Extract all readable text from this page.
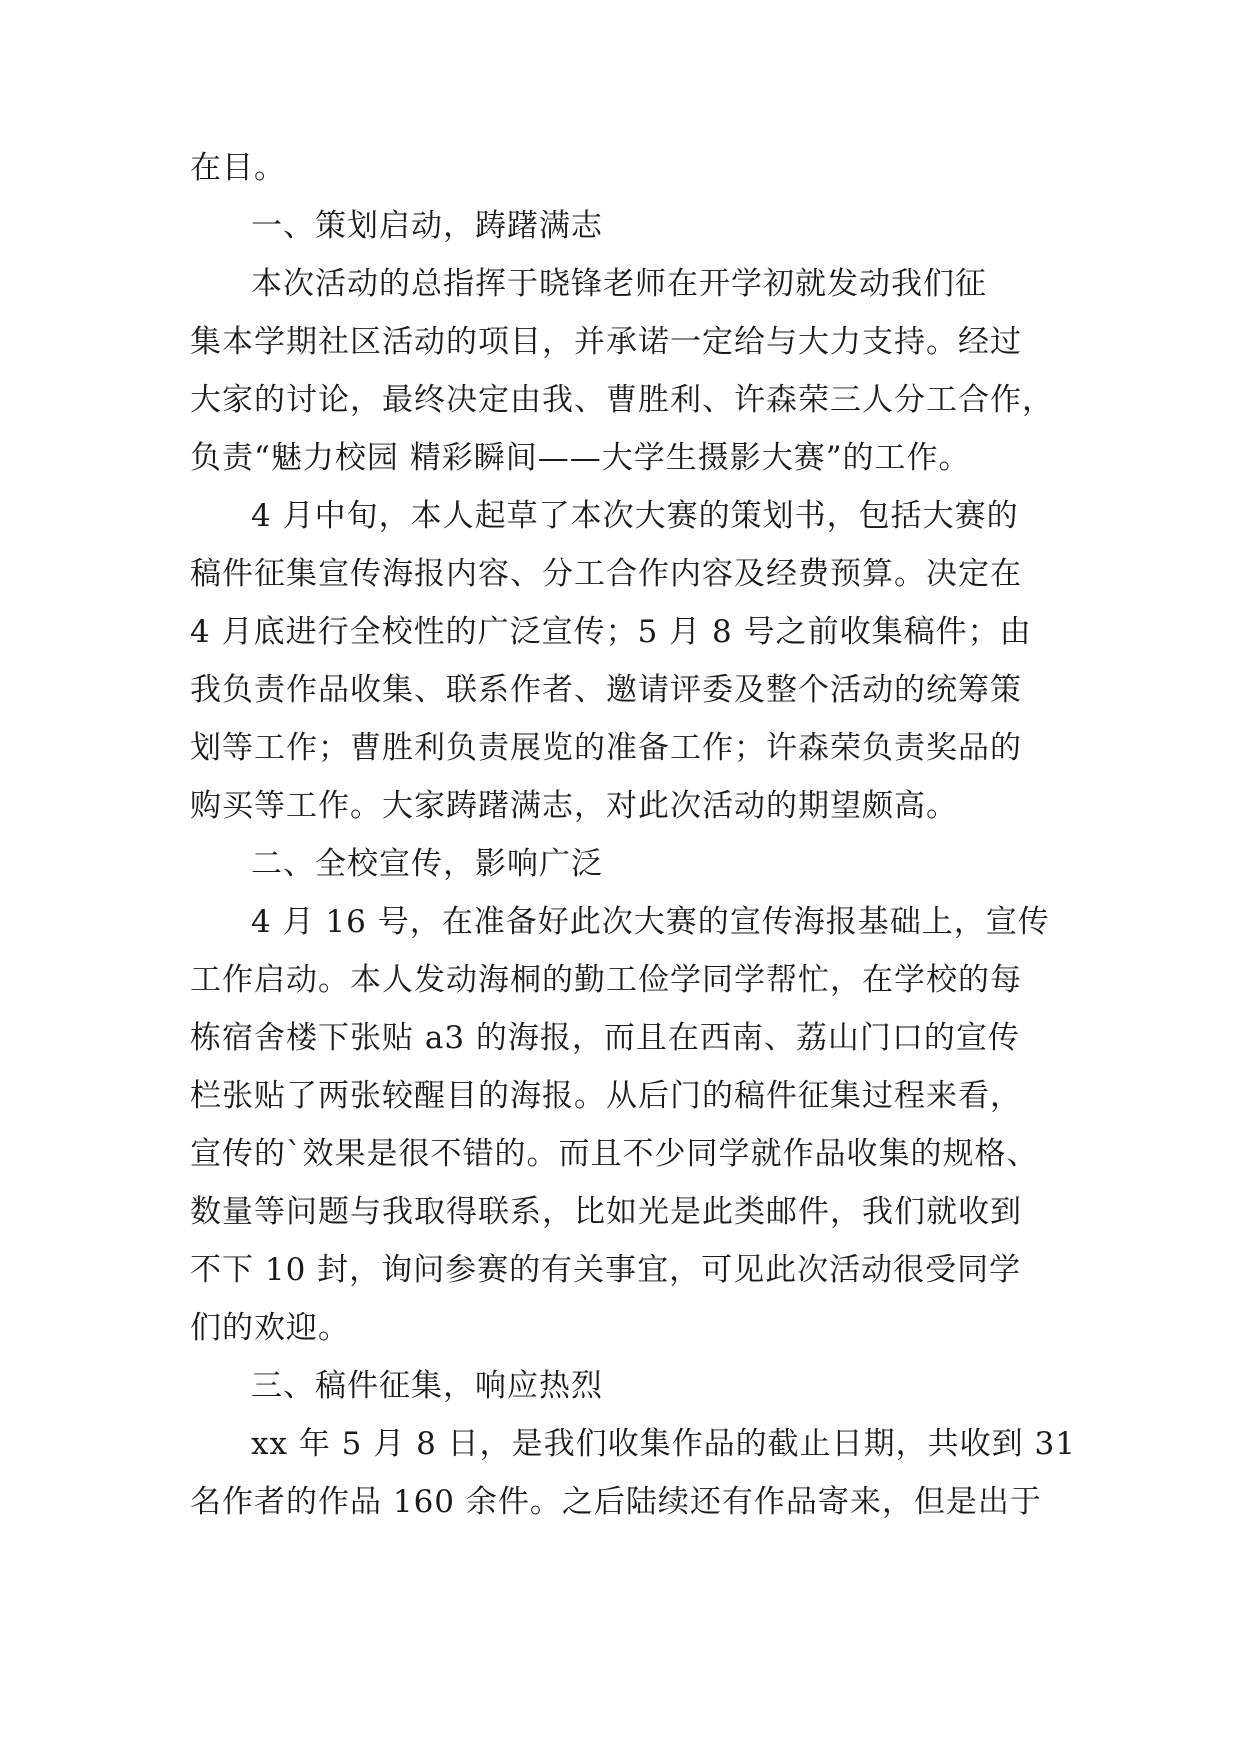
在目。
一、策划启动，踌躇满志
本次活动的总指挥于晓锋老师在开学初就发动我们征
集本学期社区活动的项目，并承诺一定给与大力支持。经过
大家的讨论，最终决定由我、曹胜利、许森荣三人分工合作，
负责“魅力校园 精彩瞬间——大学生摄影大赛”的工作。
4 月中旬，本人起草了本次大赛的策划书，包括大赛的
稿件征集宣传海报内容、分工合作内容及经费预算。决定在
4 月底进行全校性的广泛宣传；5 月 8 号之前收集稿件；由
我负责作品收集、联系作者、邀请评委及整个活动的统筹策
划等工作；曹胜利负责展览的准备工作；许森荣负责奖品的
购买等工作。大家踌躇满志，对此次活动的期望颇高。
二、全校宣传，影响广泛
4 月 16 号，在准备好此次大赛的宣传海报基础上，宣传
工作启动。本人发动海桐的勤工俭学同学帮忙，在学校的每
栋宿舍楼下张贴 a3 的海报，而且在西南、荔山门口的宣传
栏张贴了两张较醒目的海报。从后门的稿件征集过程来看，
宣传的`效果是很不错的。而且不少同学就作品收集的规格、
数量等问题与我取得联系，比如光是此类邮件，我们就收到
不下 10 封，询问参赛的有关事宜，可见此次活动很受同学
们的欢迎。
三、稿件征集，响应热烈
xx 年 5 月 8 日，是我们收集作品的截止日期，共收到 31
名作者的作品 160 余件。之后陆续还有作品寄来，但是出于
